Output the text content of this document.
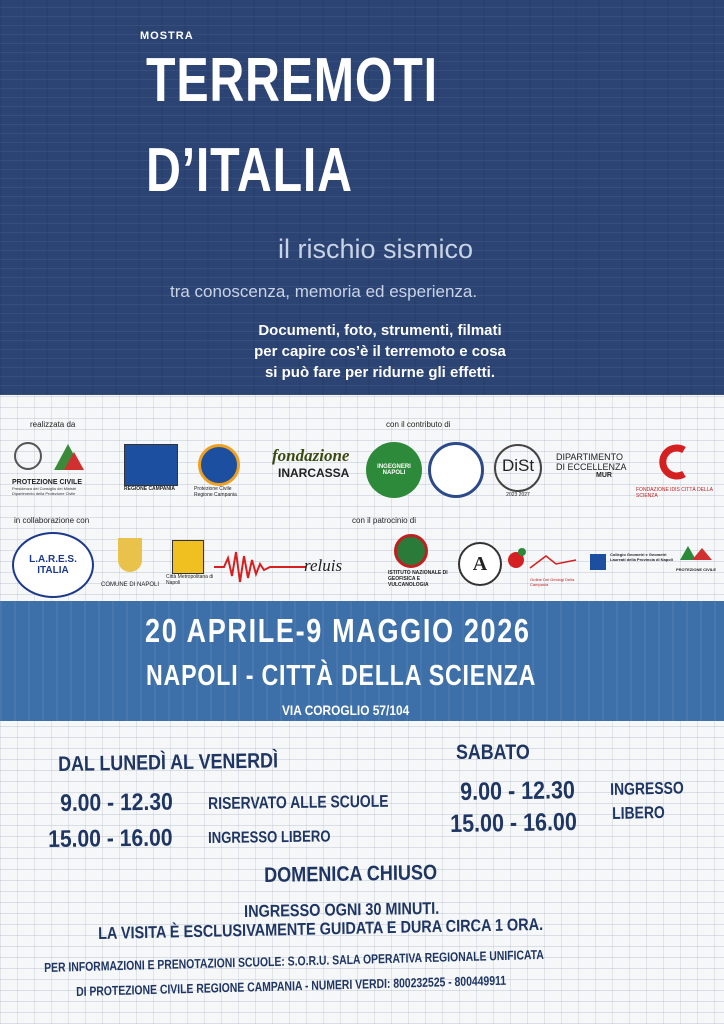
MOSTRA
TERREMOTI
D’ITALIA
il rischio sismico
tra conoscenza, memoria ed esperienza.
Documenti, foto, strumenti, filmati
per capire cos’è il terremoto e cosa
si può fare per ridurne gli effetti.
realizzata da	con il contributo di
in collaborazione con	con il patrocinio di
PROTEZIONE CIVILE
Presidenza del Consiglio dei Ministri Dipartimento della Protezione Civile
REGIONE CAMPANIA	Protezione Civile Regione Campania
fondazione
INARCASSA	INGEGNERI NAPOLI	DiSt
2023 2027
DIPARTIMENTO
DI ECCELLENZA
MUR
FONDAZIONE IDIS CITTÀ DELLA SCIENZA
L.A.R.E.S. ITALIA
COMUNE DI NAPOLI
Città Metropolitana di Napoli
reluis	ISTITUTO NAZIONALE DI GEOFISICA E VULCANOLOGIA
A
Ordine Dei Geologi Della Campania
Collegio Geometri e Geometri Laureati della Provincia di Napoli
PROTEZIONE CIVILE
20 APRILE-9 MAGGIO 2026
NAPOLI - CITTÀ DELLA SCIENZA
VIA COROGLIO 57/104
DAL LUNEDÌ AL VENERDÌ
9.00 - 12.30 RISERVATO ALLE SCUOLE
15.00 - 16.00 INGRESSO LIBERO
SABATO
9.00 - 12.30
15.00 - 16.00
INGRESSO
LIBERO
DOMENICA CHIUSO
INGRESSO OGNI 30 MINUTI.
LA VISITA È ESCLUSIVAMENTE GUIDATA E DURA CIRCA 1 ORA.
PER INFORMAZIONI E PRENOTAZIONI SCUOLE: S.O.R.U. SALA OPERATIVA REGIONALE UNIFICATA
DI PROTEZIONE CIVILE REGIONE CAMPANIA - NUMERI VERDI: 800232525 - 800449911
